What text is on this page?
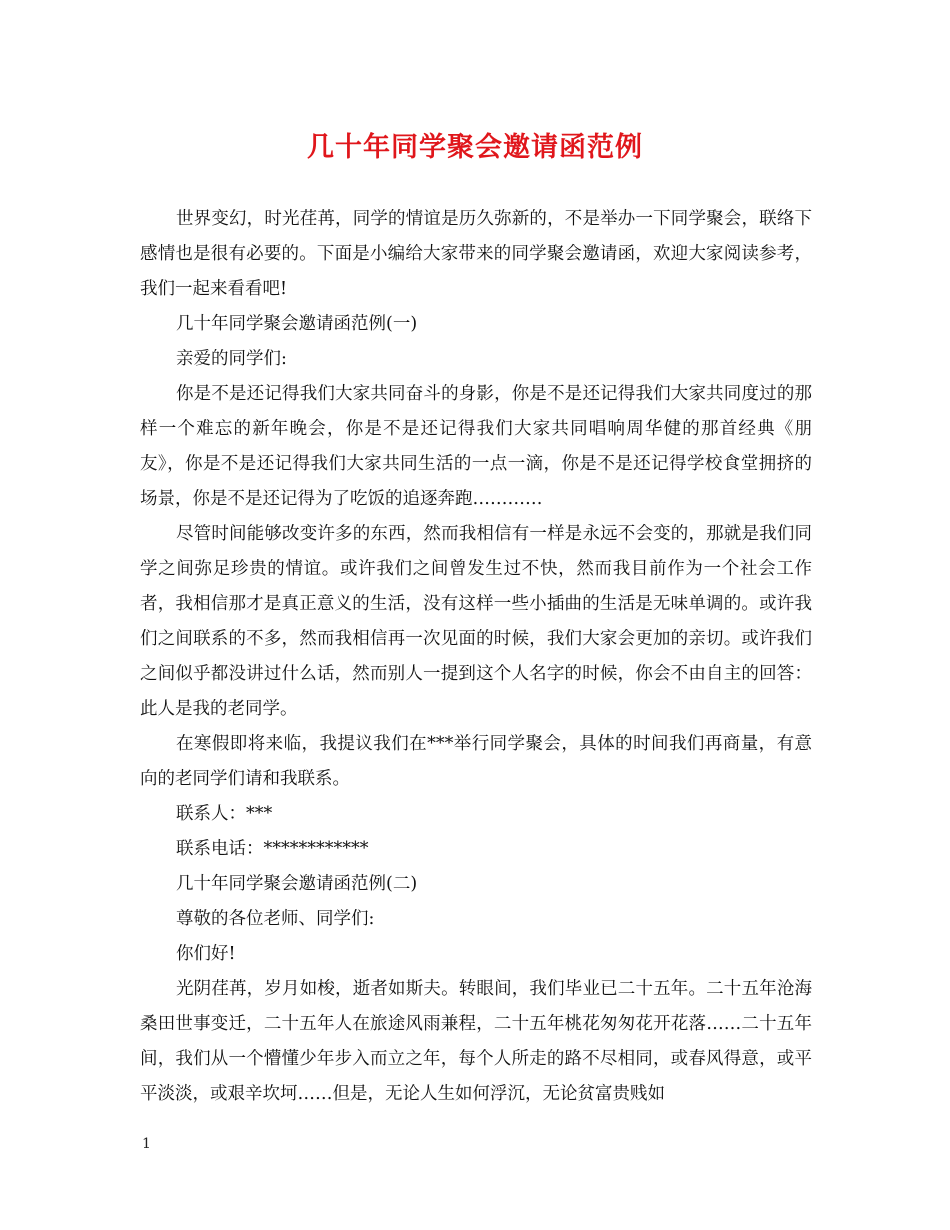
几十年同学聚会邀请函范例

世界变幻，时光荏苒，同学的情谊是历久弥新的，不是举办一下同学聚会，联络下感情也是很有必要的。下面是小编给大家带来的同学聚会邀请函，欢迎大家阅读参考，我们一起来看看吧!

几十年同学聚会邀请函范例(一)

亲爱的同学们:

你是不是还记得我们大家共同奋斗的身影，你是不是还记得我们大家共同度过的那样一个难忘的新年晚会，你是不是还记得我们大家共同唱响周华健的那首经典《朋友》，你是不是还记得我们大家共同生活的一点一滴，你是不是还记得学校食堂拥挤的场景，你是不是还记得为了吃饭的追逐奔跑…………

尽管时间能够改变许多的东西，然而我相信有一样是永远不会变的，那就是我们同学之间弥足珍贵的情谊。或许我们之间曾发生过不快，然而我目前作为一个社会工作者，我相信那才是真正意义的生活，没有这样一些小插曲的生活是无味单调的。或许我们之间联系的不多，然而我相信再一次见面的时候，我们大家会更加的亲切。或许我们之间似乎都没讲过什么话，然而别人一提到这个人名字的时候，你会不由自主的回答：此人是我的老同学。

在寒假即将来临，我提议我们在***举行同学聚会，具体的时间我们再商量，有意向的老同学们请和我联系。

联系人：***

联系电话：************

几十年同学聚会邀请函范例(二)

尊敬的各位老师、同学们:

你们好!

光阴荏苒，岁月如梭，逝者如斯夫。转眼间，我们毕业已二十五年。二十五年沧海桑田世事变迁，二十五年人在旅途风雨兼程，二十五年桃花匆匆花开花落……二十五年间，我们从一个懵懂少年步入而立之年，每个人所走的路不尽相同，或春风得意，或平平淡淡，或艰辛坎坷……但是，无论人生如何浮沉，无论贫富贵贱如

1
